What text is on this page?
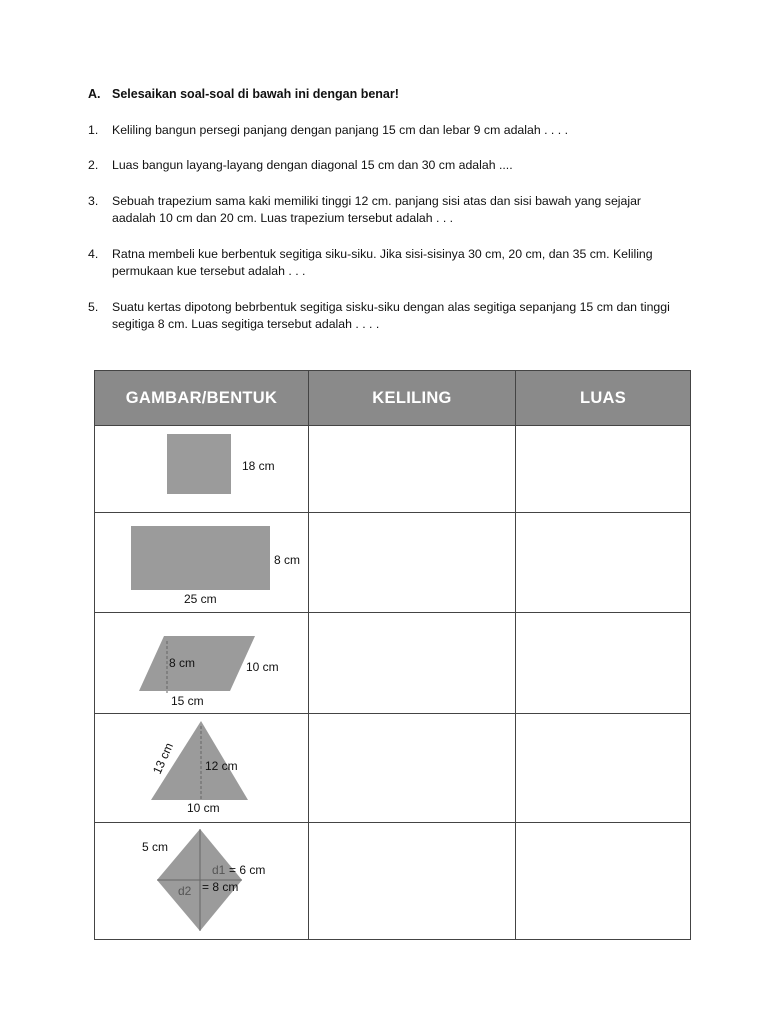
A. Selesaikan soal-soal di bawah ini dengan benar!
1. Keliling bangun persegi panjang dengan panjang 15 cm dan lebar 9 cm adalah . . . .
2. Luas bangun layang-layang dengan diagonal 15 cm dan 30 cm adalah ....
3. Sebuah trapezium sama kaki memiliki tinggi 12 cm. panjang sisi atas dan sisi bawah yang sejajar aadalah 10 cm dan 20 cm. Luas trapezium tersebut adalah . . .
4. Ratna membeli kue berbentuk segitiga siku-siku. Jika sisi-sisinya 30 cm, 20 cm, dan 35 cm. Keliling permukaan kue tersebut adalah . . .
5. Suatu kertas dipotong bebrbentuk segitiga sisku-siku dengan alas segitiga sepanjang 15 cm dan tinggi segitiga 8 cm. Luas segitiga tersebut adalah . . . .
GAMBAR/BENTUK	KELILING	LUAS

18 cm		

8 cm
25 cm		

8 cm 10 cm
15 cm		

13 cm 12 cm
10 cm		

5 cm
d1 = 6 cm
d2 = 8 cm		
